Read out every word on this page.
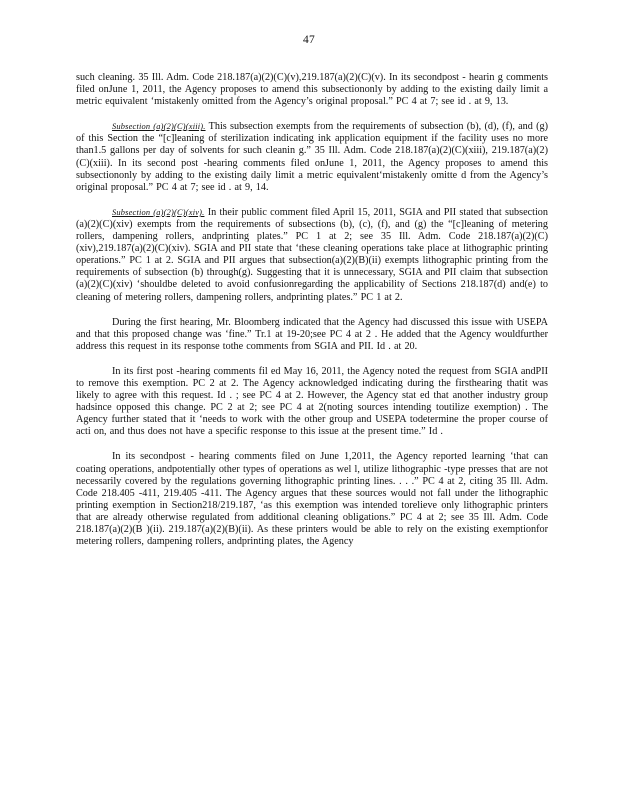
47

such cleaning. 35 Ill. Adm. Code 218.187(a)(2)(C)(v),219.187(a)(2)(C)(v). In its secondpost - hearin g comments filed onJune 1, 2011, the Agency proposes to amend this subsectiononly by adding to the existing daily limit a metric equivalent ‘mistakenly omitted from the Agency’s original proposal.” PC 4 at 7; see id . at 9, 13.

Subsection (a)(2)(C)(xiii). This subsection exempts from the requirements of subsection (b), (d), (f), and (g) of this Section the “[c]leaning of sterilization indicating ink application equipment if the facility uses no more than1.5 gallons per day of solvents for such cleanin g.” 35 Ill. Adm. Code 218.187(a)(2)(C)(xiii), 219.187(a)(2)(C)(xiii). In its second post -hearing comments filed onJune 1, 2011, the Agency proposes to amend this subsectiononly by adding to the existing daily limit a metric equivalent‘mistakenly omitte d from the Agency’s original proposal.” PC 4 at 7; see id . at 9, 14.

Subsection (a)(2)(C)(xiv). In their public comment filed April 15, 2011, SGIA and PII stated that subsection (a)(2)(C)(xiv) exempts from the requirements of subsections (b), (c), (f), and (g) the “[c]leaning of metering rollers, dampening rollers, andprinting plates.” PC 1 at 2; see 35 Ill. Adm. Code 218.187(a)(2)(C)(xiv),219.187(a)(2)(C)(xiv). SGIA and PII state that ‘these cleaning operations take place at lithographic printing operations.” PC 1 at 2. SGIA and PII argues that subsection(a)(2)(B)(ii) exempts lithographic printing from the requirements of subsection (b) through(g). Suggesting that it is unnecessary, SGIA and PII claim that subsection (a)(2)(C)(xiv) ‘shouldbe deleted to avoid confusionregarding the applicability of Sections 218.187(d) and(e) to cleaning of metering rollers, dampening rollers, andprinting plates.” PC 1 at 2.

During the first hearing, Mr. Bloomberg indicated that the Agency had discussed this issue with USEPA and that this proposed change was ‘fine.” Tr.1 at 19-20;see PC 4 at 2 . He added that the Agency wouldfurther address this request in its response tothe comments from SGIA and PII. Id . at 20.

In its first post -hearing comments fil ed May 16, 2011, the Agency noted the request from SGIA andPII to remove this exemption. PC 2 at 2. The Agency acknowledged indicating during the firsthearing thatit was likely to agree with this request. Id . ; see PC 4 at 2. However, the Agency stat ed that another industry group hadsince opposed this change. PC 2 at 2; see PC 4 at 2(noting sources intending toutilize exemption) . The Agency further stated that it ‘needs to work with the other group and USEPA todetermine the proper course of acti on, and thus does not have a specific response to this issue at the present time.” Id .

In its secondpost - hearing comments filed on June 1,2011, the Agency reported learning ‘that can coating operations, andpotentially other types of operations as wel l, utilize lithographic -type presses that are not necessarily covered by the regulations governing lithographic printing lines. . . .” PC 4 at 2, citing 35 Ill. Adm. Code 218.405 -411, 219.405 -411. The Agency argues that these sources would not fall under the lithographic printing exemption in Section218/219.187, ‘as this exemption was intended torelieve only lithographic printers that are already otherwise regulated from additional cleaning obligations.” PC 4 at 2; see 35 Ill. Adm. Code 218.187(a)(2)(B )(ii). 219.187(a)(2)(B)(ii). As these printers would be able to rely on the existing exemptionfor metering rollers, dampening rollers, andprinting plates, the Agency
